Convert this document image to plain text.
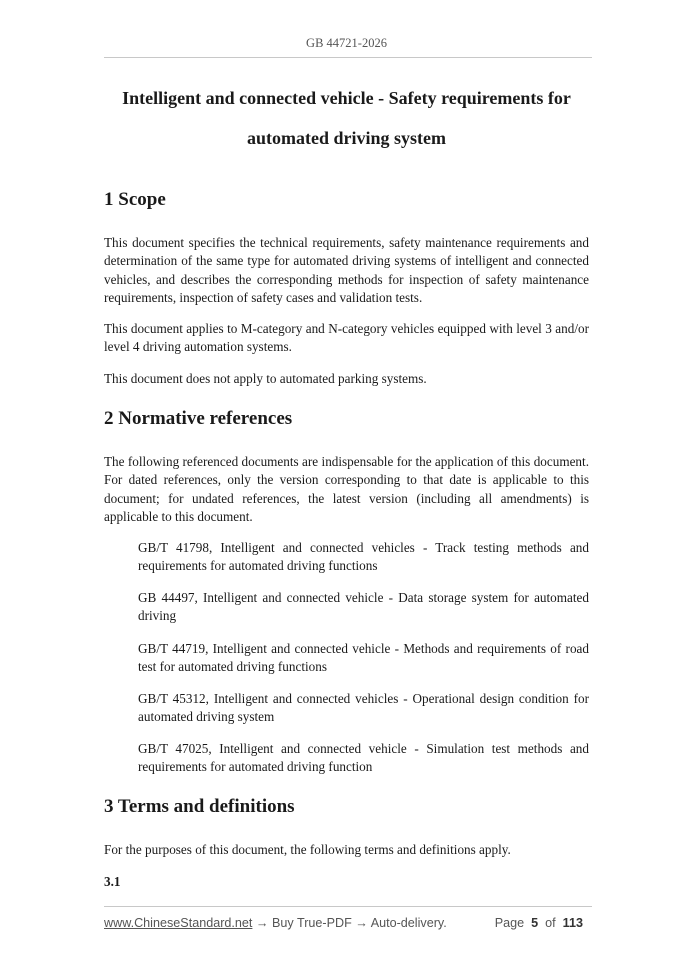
GB 44721-2026
Intelligent and connected vehicle - Safety requirements for
automated driving system
1 Scope

This document specifies the technical requirements, safety maintenance requirements and determination of the same type for automated driving systems of intelligent and connected vehicles, and describes the corresponding methods for inspection of safety maintenance requirements, inspection of safety cases and validation tests.

This document applies to M-category and N-category vehicles equipped with level 3 and/or level 4 driving automation systems.

This document does not apply to automated parking systems.

2 Normative references

The following referenced documents are indispensable for the application of this document. For dated references, only the version corresponding to that date is applicable to this document; for undated references, the latest version (including all amendments) is applicable to this document.

GB/T 41798, Intelligent and connected vehicles - Track testing methods and requirements for automated driving functions

GB 44497, Intelligent and connected vehicle - Data storage system for automated driving

GB/T 44719, Intelligent and connected vehicle - Methods and requirements of road test for automated driving functions

GB/T 45312, Intelligent and connected vehicles - Operational design condition for automated driving system

GB/T 47025, Intelligent and connected vehicle - Simulation test methods and requirements for automated driving function

3 Terms and definitions

For the purposes of this document, the following terms and definitions apply.

3.1

www.ChineseStandard.net → Buy True-PDF → Auto-delivery.	Page 5 of 113
